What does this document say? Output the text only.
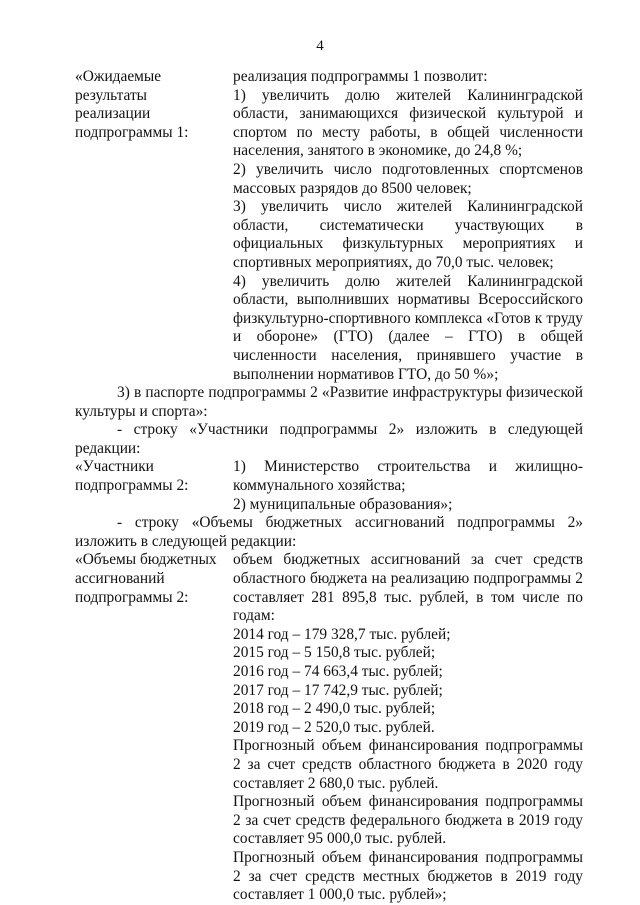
4
«Ожидаемые
результаты
реализации
подпрограммы 1:
реализация подпрограммы 1 позволит:
1) увеличить долю жителей Калининградской области, занимающихся физической культурой и спортом по месту работы, в общей численности населения, занятого в экономике, до 24,8 %;
2) увеличить число подготовленных спортсменов массовых разрядов до 8500 человек;
3) увеличить число жителей Калининградской области, систематически участвующих в официальных физкультурных мероприятиях и спортивных мероприятиях, до 70,0 тыс. человек;
4) увеличить долю жителей Калининградской области, выполнивших нормативы Всероссийского физкультурно-спортивного комплекса «Готов к труду и обороне» (ГТО) (далее – ГТО) в общей численности населения, принявшего участие в выполнении нормативов ГТО, до 50 %»;
3) в паспорте подпрограммы 2 «Развитие инфраструктуры физической культуры и спорта»:
- строку «Участники подпрограммы 2» изложить в следующей редакции:
«Участники
подпрограммы 2:
1) Министерство строительства и жилищно-коммунального хозяйства;
2) муниципальные образования»;
- строку «Объемы бюджетных ассигнований подпрограммы 2» изложить в следующей редакции:
«Объемы бюджетных
ассигнований
подпрограммы 2:
объем бюджетных ассигнований за счет средств областного бюджета на реализацию подпрограммы 2 составляет 281 895,8 тыс. рублей, в том числе по годам:
2014 год – 179 328,7 тыс. рублей;
2015 год – 5 150,8 тыс. рублей;
2016 год – 74 663,4 тыс. рублей;
2017 год – 17 742,9 тыс. рублей;
2018 год – 2 490,0 тыс. рублей;
2019 год – 2 520,0 тыс. рублей.
Прогнозный объем финансирования подпрограммы 2 за счет средств областного бюджета в 2020 году составляет 2 680,0 тыс. рублей.
Прогнозный объем финансирования подпрограммы 2 за счет средств федерального бюджета в 2019 году составляет 95 000,0 тыс. рублей.
Прогнозный объем финансирования подпрограммы 2 за счет средств местных бюджетов в 2019 году составляет 1 000,0 тыс. рублей»;
